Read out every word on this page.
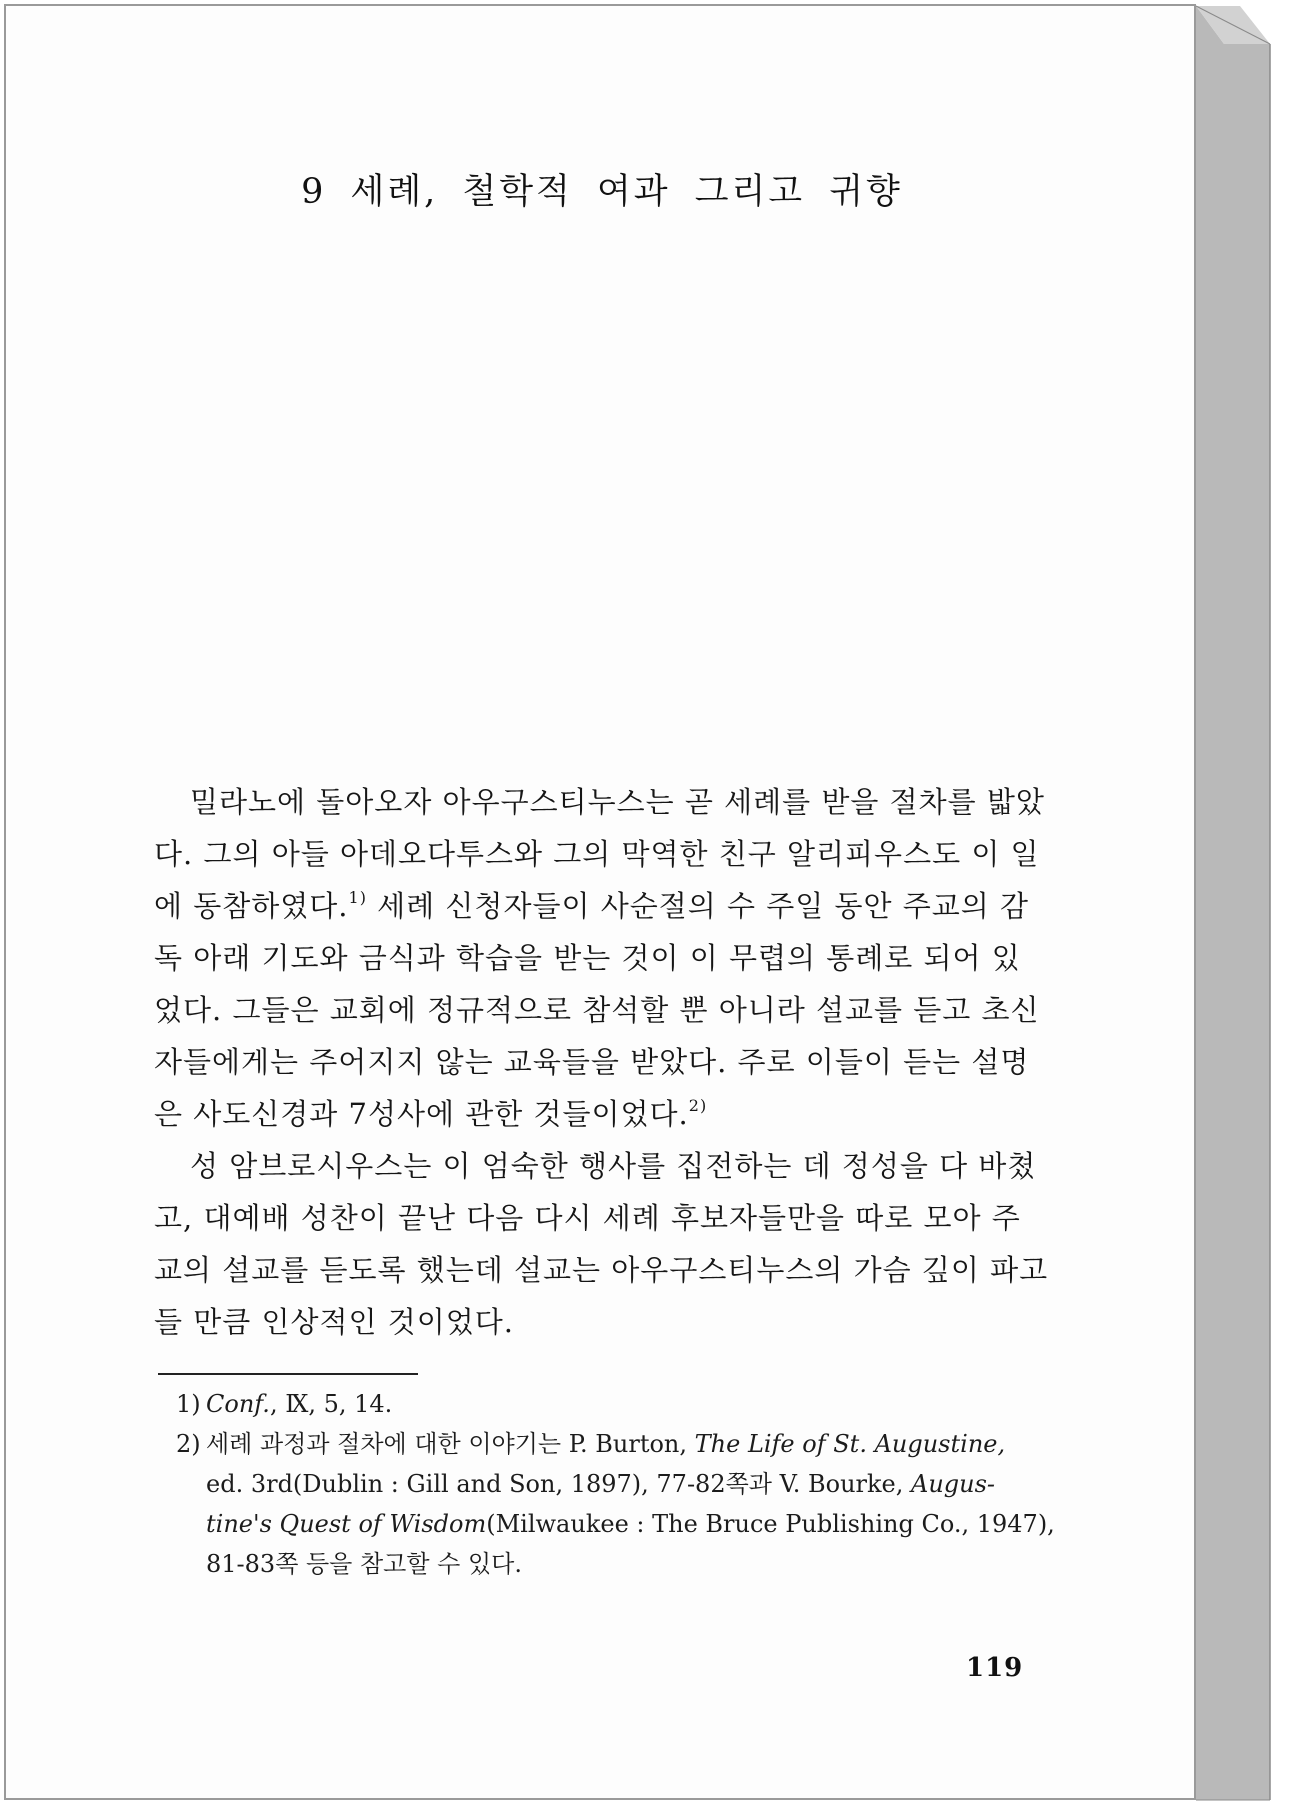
9 세례, 철학적 여과 그리고 귀향

밀라노에 돌아오자 아우구스티누스는 곧 세례를 받을 절차를 밟았
다. 그의 아들 아데오다투스와 그의 막역한 친구 알리피우스도 이 일
에 동참하였다.$^{1)}$ 세례 신청자들이 사순절의 수 주일 동안 주교의 감
독 아래 기도와 금식과 학습을 받는 것이 이 무렵의 통례로 되어 있
었다. 그들은 교회에 정규적으로 참석할 뿐 아니라 설교를 듣고 초신
자들에게는 주어지지 않는 교육들을 받았다. 주로 이들이 듣는 설명
은 사도신경과 7성사에 관한 것들이었다.$^{2)}$

성 암브로시우스는 이 엄숙한 행사를 집전하는 데 정성을 다 바쳤
고, 대예배 성찬이 끝난 다음 다시 세례 후보자들만을 따로 모아 주
교의 설교를 듣도록 했는데 설교는 아우구스티누스의 가슴 깊이 파고
들 만큼 인상적인 것이었다.

1) Conf., Ⅸ, 5, 14.

2) 세례 과정과 절차에 대한 이야기는 P. Burton, The Life of St. Augustine,
ed. 3rd(Dublin : Gill and Son, 1897), 77-82쪽과 V. Bourke, Augus-
tine's Quest of Wisdom(Milwaukee : The Bruce Publishing Co., 1947),
81-83쪽 등을 참고할 수 있다.

119
